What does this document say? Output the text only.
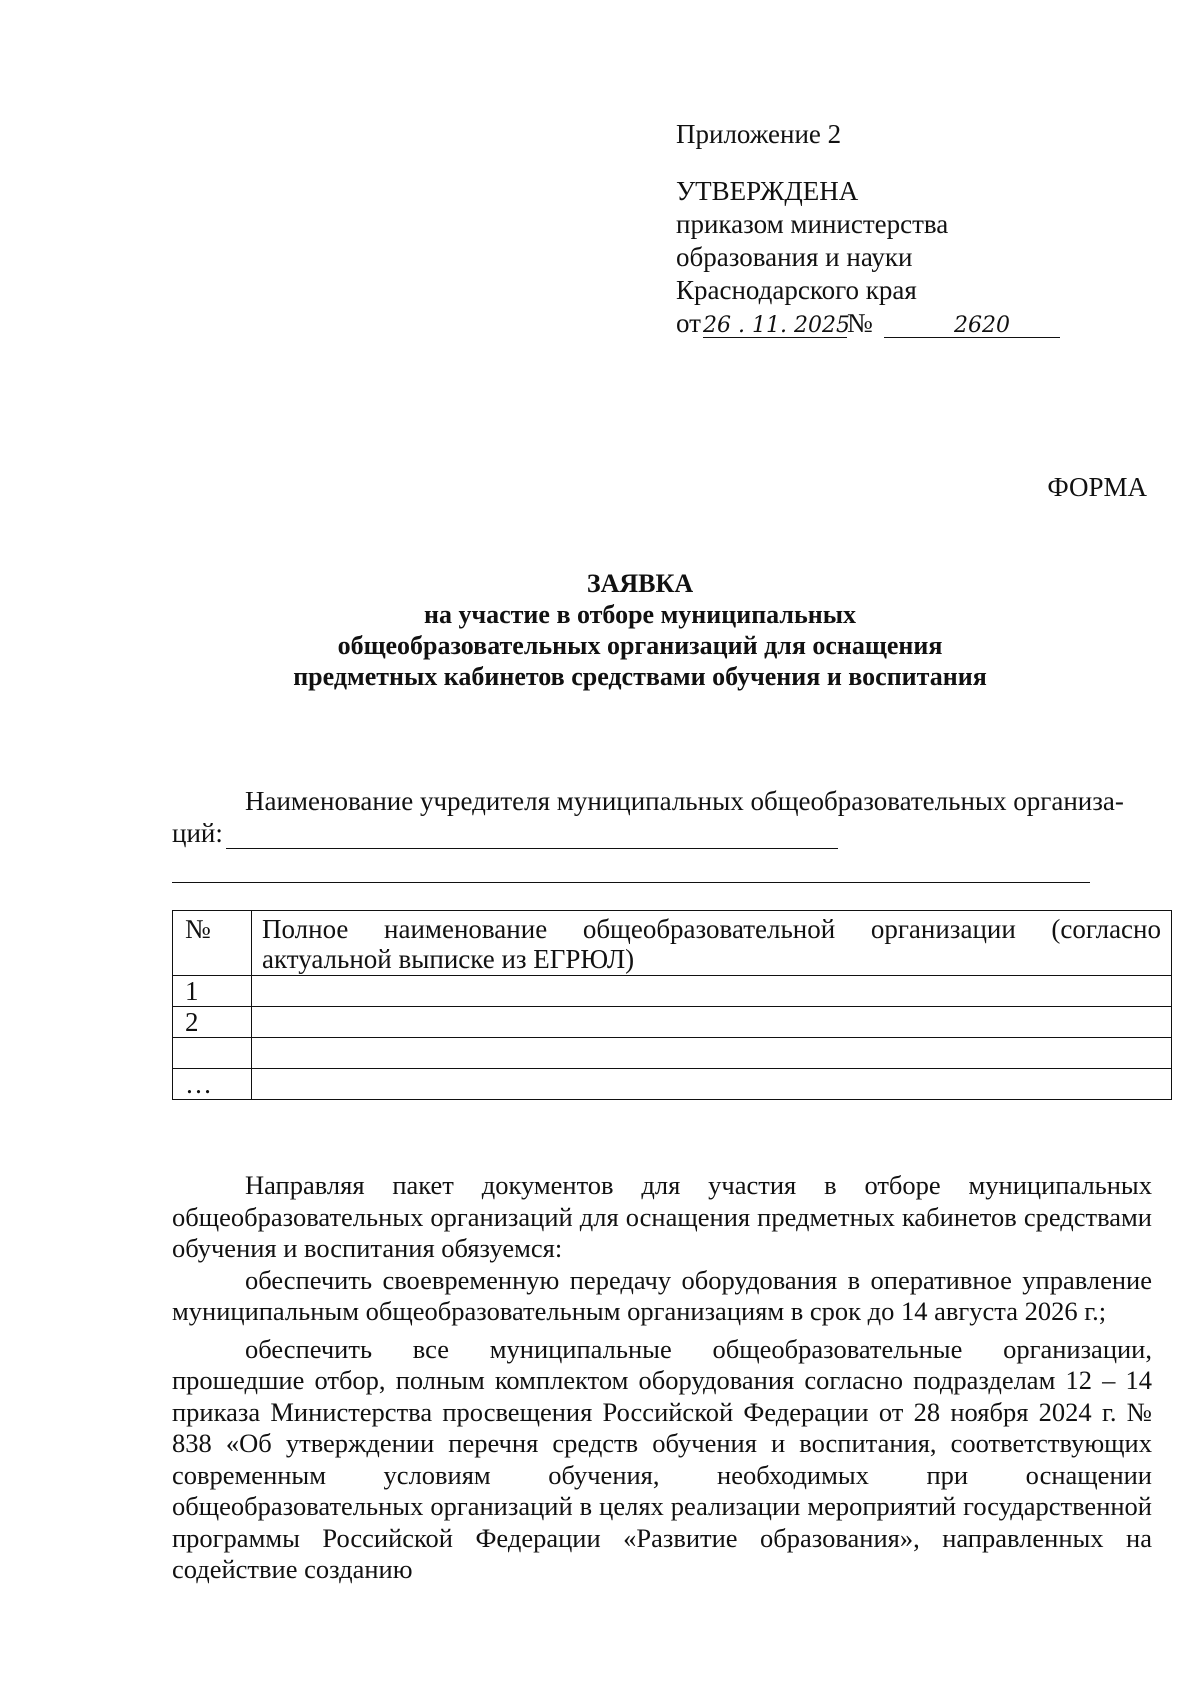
Приложение 2
УТВЕРЖДЕНА
приказом министерства
образования и науки
Краснодарского края
от 26 . 11. 2025
№	2620
ФОРМА
ЗАЯВКА
на участие в отборе муниципальных
общеобразовательных организаций для оснащения
предметных кабинетов средствами обучения и воспитания
Наименование учредителя муниципальных общеобразовательных организа-
ций:
№	Полное наименование общеобразовательной организации (согласно актуальной выписке из ЕГРЮЛ)

1	
2	

…	

Направляя пакет документов для участия в отборе муниципальных общеобразовательных организаций для оснащения предметных кабинетов средствами обучения и воспитания обязуемся:

обеспечить своевременную передачу оборудования в оперативное управление муниципальным общеобразовательным организациям в срок до 14 августа 2026 г.;

обеспечить все муниципальные общеобразовательные организации, прошедшие отбор, полным комплектом оборудования согласно подразделам 12 – 14 приказа Министерства просвещения Российской Федерации от 28 ноября 2024 г. № 838 «Об утверждении перечня средств обучения и воспитания, соответствующих современным условиям обучения, необходимых при оснащении общеобразовательных организаций в целях реализации мероприятий государственной программы Российской Федерации «Развитие образования», направленных на содействие созданию
